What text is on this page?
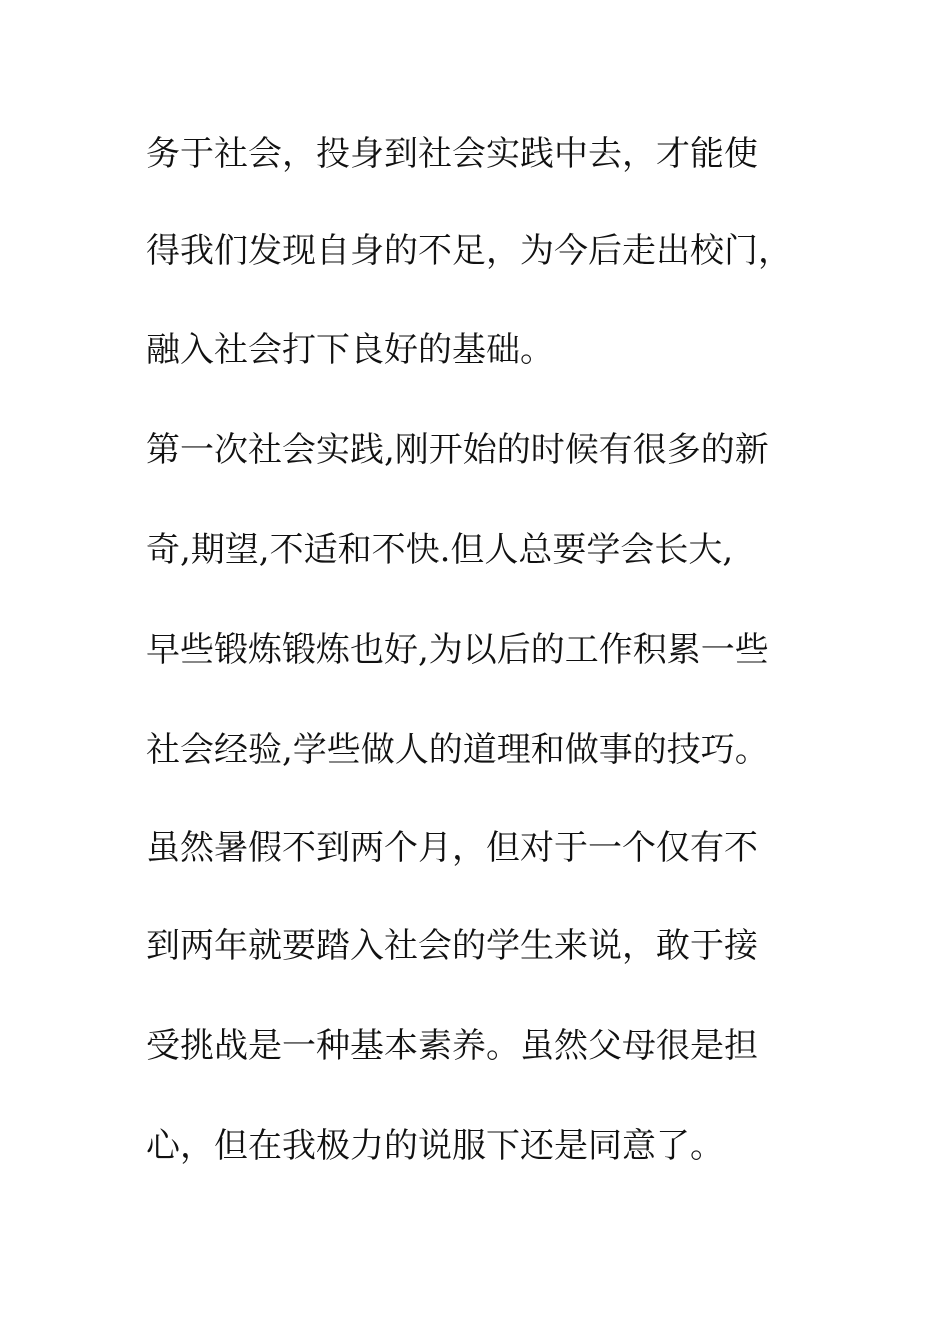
务于社会，投身到社会实践中去，才能使
得我们发现自身的不足，为今后走出校门，
融入社会打下良好的基础。
第一次社会实践,刚开始的时候有很多的新
奇,期望,不适和不快.但人总要学会长大,
早些锻炼锻炼也好,为以后的工作积累一些
社会经验,学些做人的道理和做事的技巧。
虽然暑假不到两个月，但对于一个仅有不
到两年就要踏入社会的学生来说，敢于接
受挑战是一种基本素养。虽然父母很是担
心，但在我极力的说服下还是同意了。
